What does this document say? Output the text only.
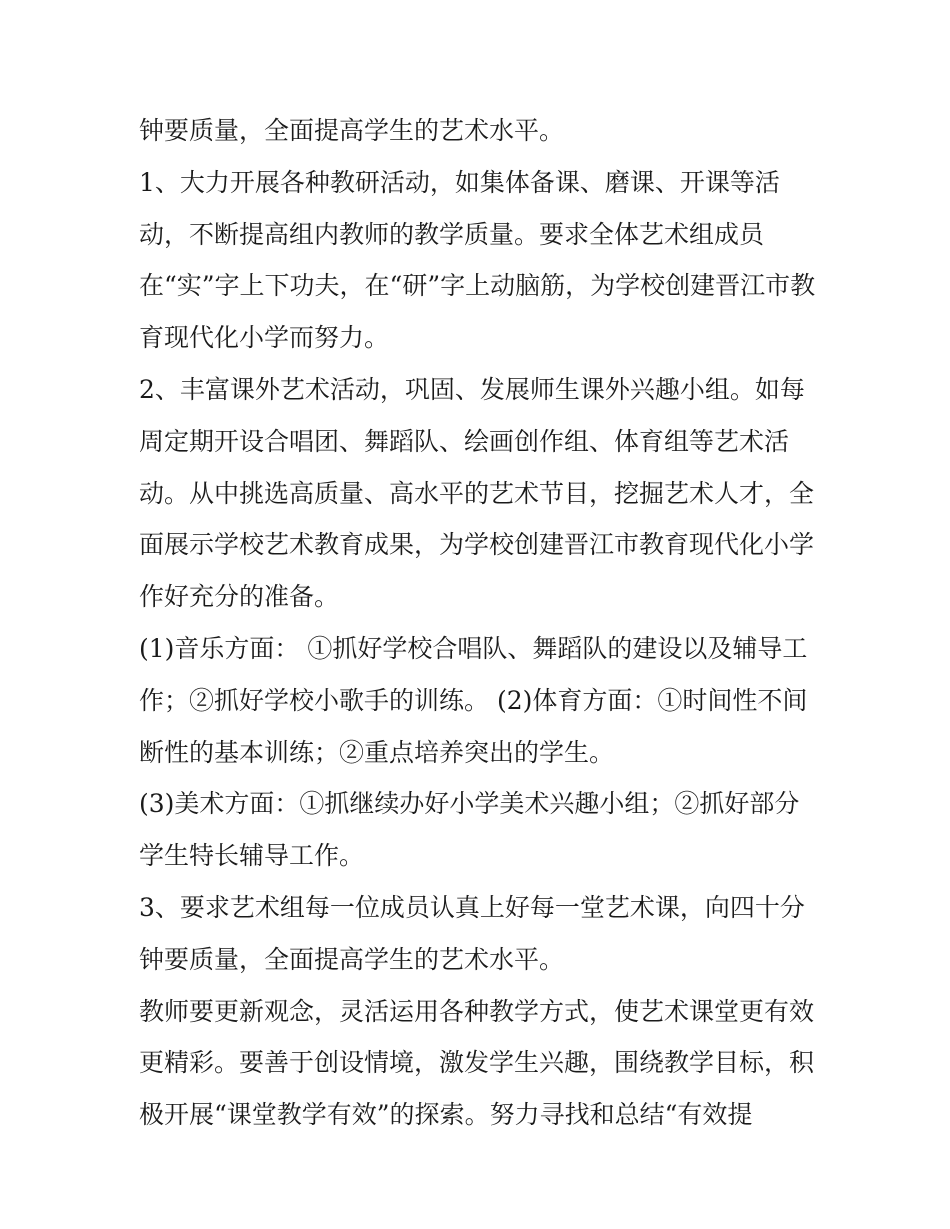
钟要质量，全面提高学生的艺术水平。
1、大力开展各种教研活动，如集体备课、磨课、开课等活
动，不断提高组内教师的教学质量。要求全体艺术组成员
在“实”字上下功夫，在“研”字上动脑筋，为学校创建晋江市教
育现代化小学而努力。
2、丰富课外艺术活动，巩固、发展师生课外兴趣小组。如每
周定期开设合唱团、舞蹈队、绘画创作组、体育组等艺术活
动。从中挑选高质量、高水平的艺术节目，挖掘艺术人才，全
面展示学校艺术教育成果，为学校创建晋江市教育现代化小学
作好充分的准备。
(1)音乐方面： ①抓好学校合唱队、舞蹈队的建设以及辅导工
作；②抓好学校小歌手的训练。 (2)体育方面：①时间性不间
断性的基本训练；②重点培养突出的学生。
(3)美术方面：①抓继续办好小学美术兴趣小组；②抓好部分
学生特长辅导工作。
3、要求艺术组每一位成员认真上好每一堂艺术课，向四十分
钟要质量，全面提高学生的艺术水平。
教师要更新观念，灵活运用各种教学方式，使艺术课堂更有效
更精彩。要善于创设情境，激发学生兴趣，围绕教学目标，积
极开展“课堂教学有效”的探索。努力寻找和总结“有效提
